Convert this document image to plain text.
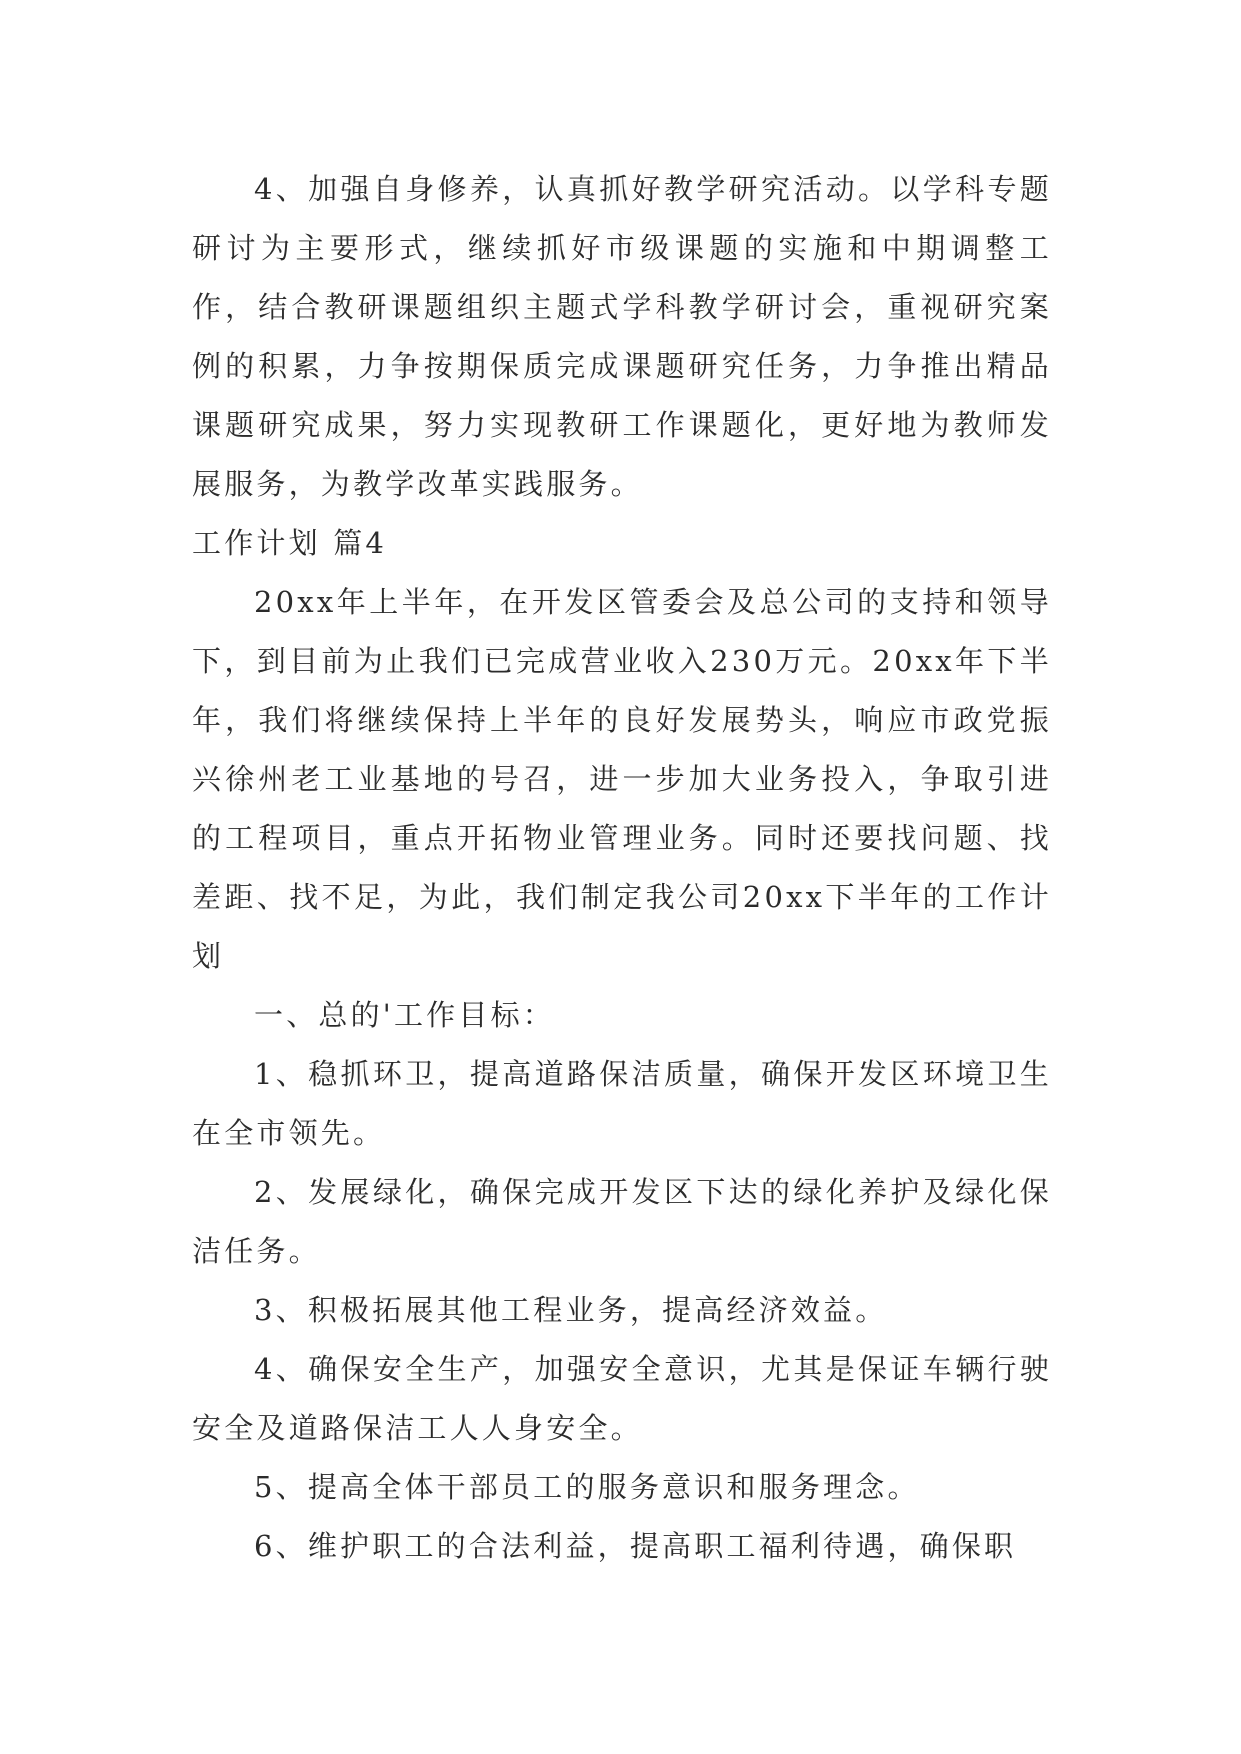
4、加强自身修养，认真抓好教学研究活动。以学科专题研讨为主要形式，继续抓好市级课题的实施和中期调整工作，结合教研课题组织主题式学科教学研讨会，重视研究案例的积累，力争按期保质完成课题研究任务，力争推出精品课题研究成果，努力实现教研工作课题化，更好地为教师发展服务，为教学改革实践服务。

工作计划 篇4

20xx年上半年，在开发区管委会及总公司的支持和领导下，到目前为止我们已完成营业收入230万元。20xx年下半年，我们将继续保持上半年的良好发展势头，响应市政党振兴徐州老工业基地的号召，进一步加大业务投入，争取引进的工程项目，重点开拓物业管理业务。同时还要找问题、找差距、找不足，为此，我们制定我公司20xx下半年的工作计划

一、总的'工作目标：

1、稳抓环卫，提高道路保洁质量，确保开发区环境卫生在全市领先。

2、发展绿化，确保完成开发区下达的绿化养护及绿化保洁任务。

3、积极拓展其他工程业务，提高经济效益。

4、确保安全生产，加强安全意识，尤其是保证车辆行驶安全及道路保洁工人人身安全。

5、提高全体干部员工的服务意识和服务理念。

6、维护职工的合法利益，提高职工福利待遇，确保职
